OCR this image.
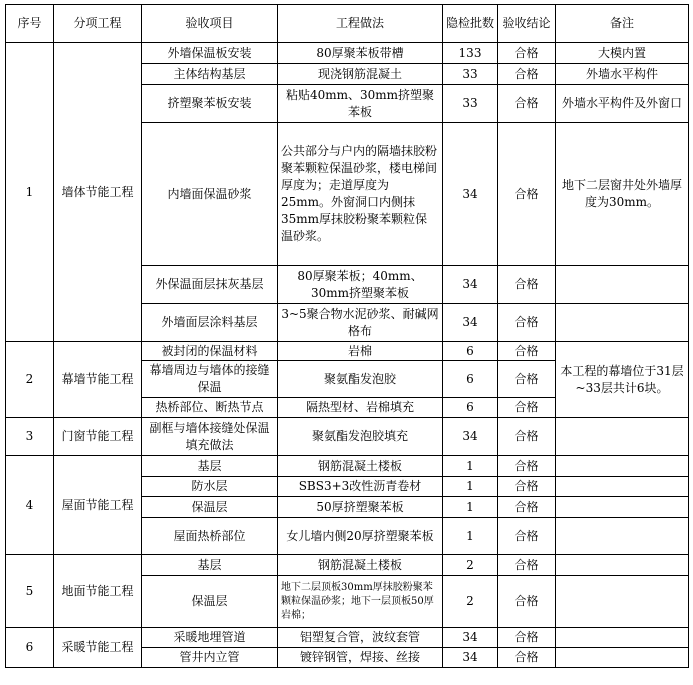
序号	分项工程	验收项目	工程做法	隐检批数	验收结论	备注
1	墙体节能工程	外墙保温板安装	80厚聚苯板带槽	133	合格	大模内置
		主体结构基层	现浇钢筋混凝土	33	合格	外墙水平构件
		挤塑聚苯板安装	粘贴40mm、30mm挤塑聚苯板	33	合格	外墙水平构件及外窗口
		内墙面保温砂浆	公共部分与户内的隔墙抹胶粉聚苯颗粒保温砂浆，楼电梯间厚度为；走道厚度为25mm。外窗洞口内侧抹35mm厚抹胶粉聚苯颗粒保温砂浆。	34	合格	地下二层窗井处外墙厚度为30mm。
		外保温面层抹灰基层	80厚聚苯板；40mm、30mm挤塑聚苯板	34	合格	
		外墙面层涂料基层	3~5聚合物水泥砂浆、耐碱网格布	34	合格	
2	幕墙节能工程	被封闭的保温材料	岩棉	6	合格	本工程的幕墙位于31层~33层共计6块。
		幕墙周边与墙体的接缝保温	聚氨酯发泡胶	6	合格	
		热桥部位、断热节点	隔热型材、岩棉填充	6	合格	
3	门窗节能工程	副框与墙体接缝处保温填充做法	聚氨酯发泡胶填充	34	合格	
4	屋面节能工程	基层	钢筋混凝土楼板	1	合格	
		防水层	SBS3+3改性沥青卷材	1	合格	
		保温层	50厚挤塑聚苯板	1	合格	
		屋面热桥部位	女儿墙内侧20厚挤塑聚苯板	1	合格	
5	地面节能工程	基层	钢筋混凝土楼板	2	合格	
		保温层	地下二层顶板30mm厚抹胶粉聚苯颗粒保温砂浆；地下一层顶板50厚岩棉；	2	合格	
6	采暖节能工程	采暖地埋管道	铝塑复合管，波纹套管	34	合格	
		管井内立管	镀锌钢管，焊接、丝接	34	合格	
